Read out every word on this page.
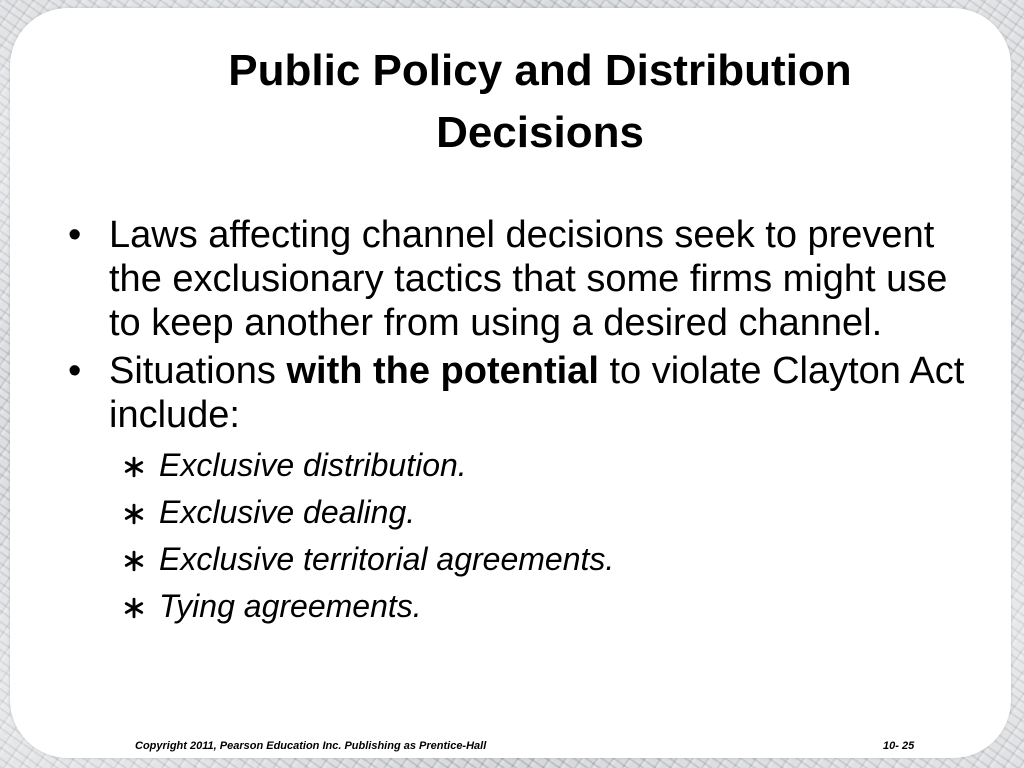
Public Policy and Distribution
Decisions
• Laws affecting channel decisions seek to prevent the exclusionary tactics that some firms might use to keep another from using a desired channel.
• Situations with the potential to violate Clayton Act include:
Exclusive distribution.
Exclusive dealing.
Exclusive territorial agreements.
Tying agreements.
Copyright 2011, Pearson Education Inc. Publishing as Prentice-Hall	10- 25
